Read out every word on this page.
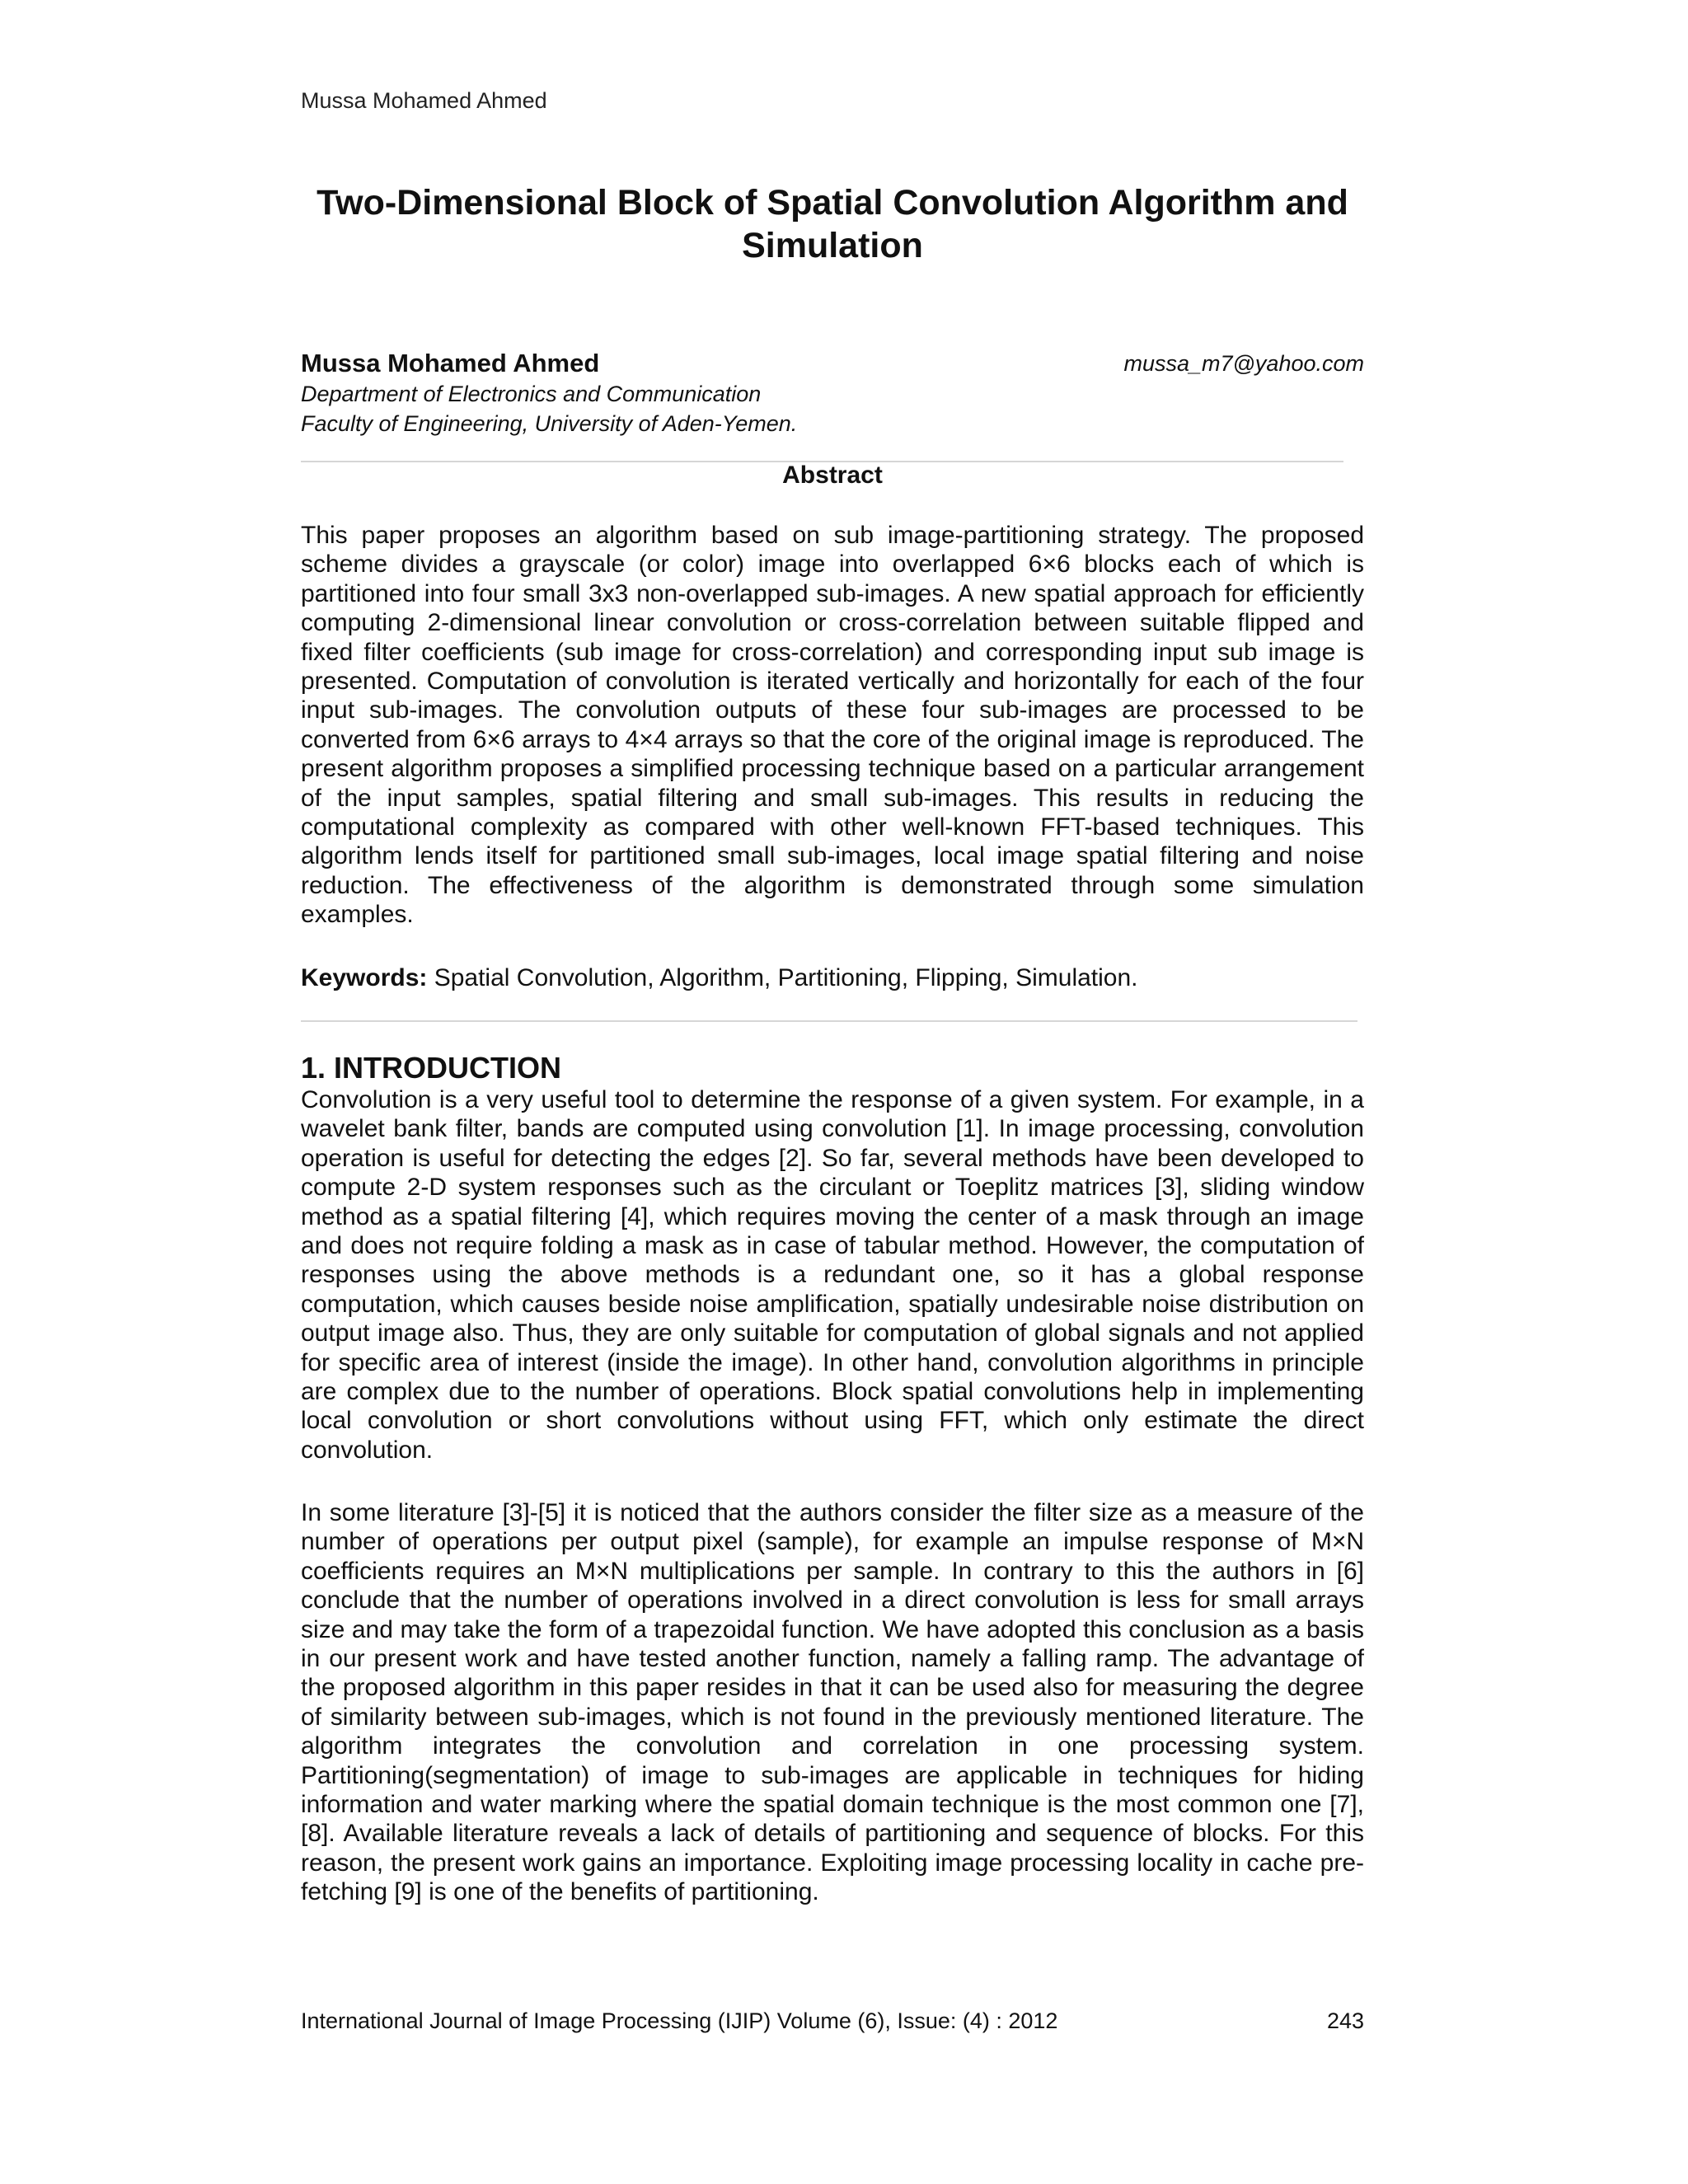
Mussa Mohamed Ahmed
Two-Dimensional Block of Spatial Convolution Algorithm and Simulation
Mussa Mohamed Ahmed	mussa_m7@yahoo.com
Department of Electronics and Communication
Faculty of Engineering, University of Aden-Yemen.
Abstract
This paper proposes an algorithm based on sub image-partitioning strategy. The proposed scheme divides a grayscale (or color) image into overlapped 6×6 blocks each of which is partitioned into four small 3x3 non-overlapped sub-images. A new spatial approach for efficiently computing 2-dimensional linear convolution or cross-correlation between suitable flipped and fixed filter coefficients (sub image for cross-correlation) and corresponding input sub image is presented. Computation of convolution is iterated vertically and horizontally for each of the four input sub-images. The convolution outputs of these four sub-images are processed to be converted from 6×6 arrays to 4×4 arrays so that the core of the original image is reproduced. The present algorithm proposes a simplified processing technique based on a particular arrangement of the input samples, spatial filtering and small sub-images. This results in reducing the computational complexity as compared with other well-known FFT-based techniques. This algorithm lends itself for partitioned small sub-images, local image spatial filtering and noise reduction. The effectiveness of the algorithm is demonstrated through some simulation examples.
Keywords: Spatial Convolution, Algorithm, Partitioning, Flipping, Simulation.
1. INTRODUCTION
Convolution is a very useful tool to determine the response of a given system. For example, in a wavelet bank filter, bands are computed using convolution [1]. In image processing, convolution operation is useful for detecting the edges [2]. So far, several methods have been developed to compute 2-D system responses such as the circulant or Toeplitz matrices [3], sliding window method as a spatial filtering [4], which requires moving the center of a mask through an image and does not require folding a mask as in case of tabular method. However, the computation of responses using the above methods is a redundant one, so it has a global response computation, which causes beside noise amplification, spatially undesirable noise distribution on output image also. Thus, they are only suitable for computation of global signals and not applied for specific area of interest (inside the image). In other hand, convolution algorithms in principle are complex due to the number of operations. Block spatial convolutions help in implementing local convolution or short convolutions without using FFT, which only estimate the direct convolution.
In some literature [3]-[5] it is noticed that the authors consider the filter size as a measure of the number of operations per output pixel (sample), for example an impulse response of M×N coefficients requires an M×N multiplications per sample. In contrary to this the authors in [6] conclude that the number of operations involved in a direct convolution is less for small arrays size and may take the form of a trapezoidal function. We have adopted this conclusion as a basis in our present work and have tested another function, namely a falling ramp. The advantage of the proposed algorithm in this paper resides in that it can be used also for measuring the degree of similarity between sub-images, which is not found in the previously mentioned literature. The algorithm integrates the convolution and correlation in one processing system. Partitioning(segmentation) of image to sub-images are applicable in techniques for hiding information and water marking where the spatial domain technique is the most common one [7], [8]. Available literature reveals a lack of details of partitioning and sequence of blocks. For this reason, the present work gains an importance. Exploiting image processing locality in cache pre-fetching [9] is one of the benefits of partitioning.
International Journal of Image Processing (IJIP) Volume (6), Issue: (4) : 2012	243
